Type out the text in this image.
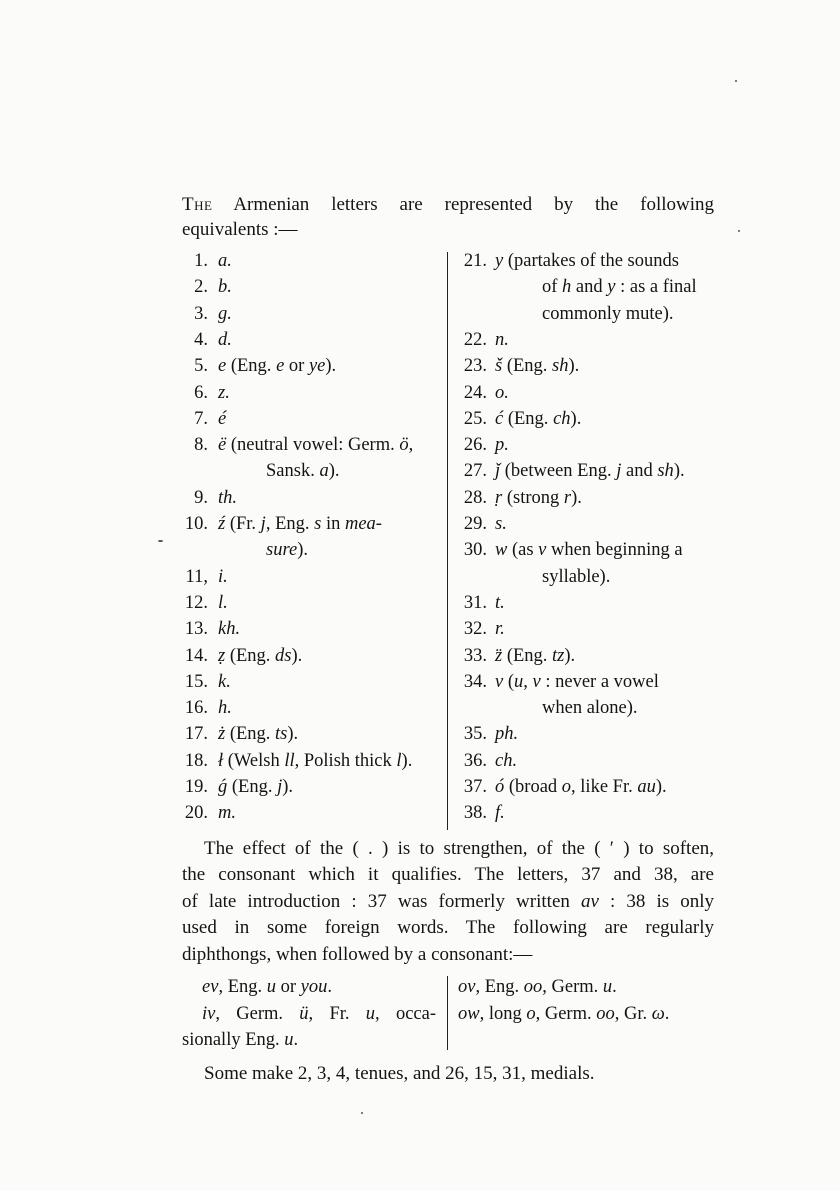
The Armenian letters are represented by the following
equivalents :—
1. a.
2. b.
3. g.
4. d.
5. e (Eng. e or ye).
6. z.
7. é
8. ë (neutral vowel: Germ. ö,
Sansk. a).
9. th.
10. ź (Fr. j, Eng. s in mea-
sure).
11, i.
12. l.
13. kh.
14. ẓ (Eng. ds).
15. k.
16. h.
17. ż (Eng. ts).
18. ł (Welsh ll, Polish thick l).
19. ǵ (Eng. j).
20. m.
21. y (partakes of the sounds
of h and y : as a final
commonly mute).
22. n.
23. š (Eng. sh).
24. o.
25. ć (Eng. ch).
26. p.
27. ǰ (between Eng. j and sh).
28. ṛ (strong r).
29. s.
30. w (as v when beginning a
syllable).
31. t.
32. r.
33. z̈ (Eng. tz).
34. v (u, v : never a vowel
when alone).
35. ph.
36. ch.
37. ó (broad o, like Fr. au).
38. f.
The effect of the ( . ) is to strengthen, of the ( ′ ) to soften,
the consonant which it qualifies. The letters, 37 and 38, are
of late introduction : 37 was formerly written av : 38 is only
used in some foreign words. The following are regularly
diphthongs, when followed by a consonant:—
ev, Eng. u or you.
iv, Germ. ü, Fr. u, occa-
sionally Eng. u.
ov, Eng. oo, Germ. u.
ow, long o, Germ. oo, Gr. ω.
Some make 2, 3, 4, tenues, and 26, 15, 31, medials.
